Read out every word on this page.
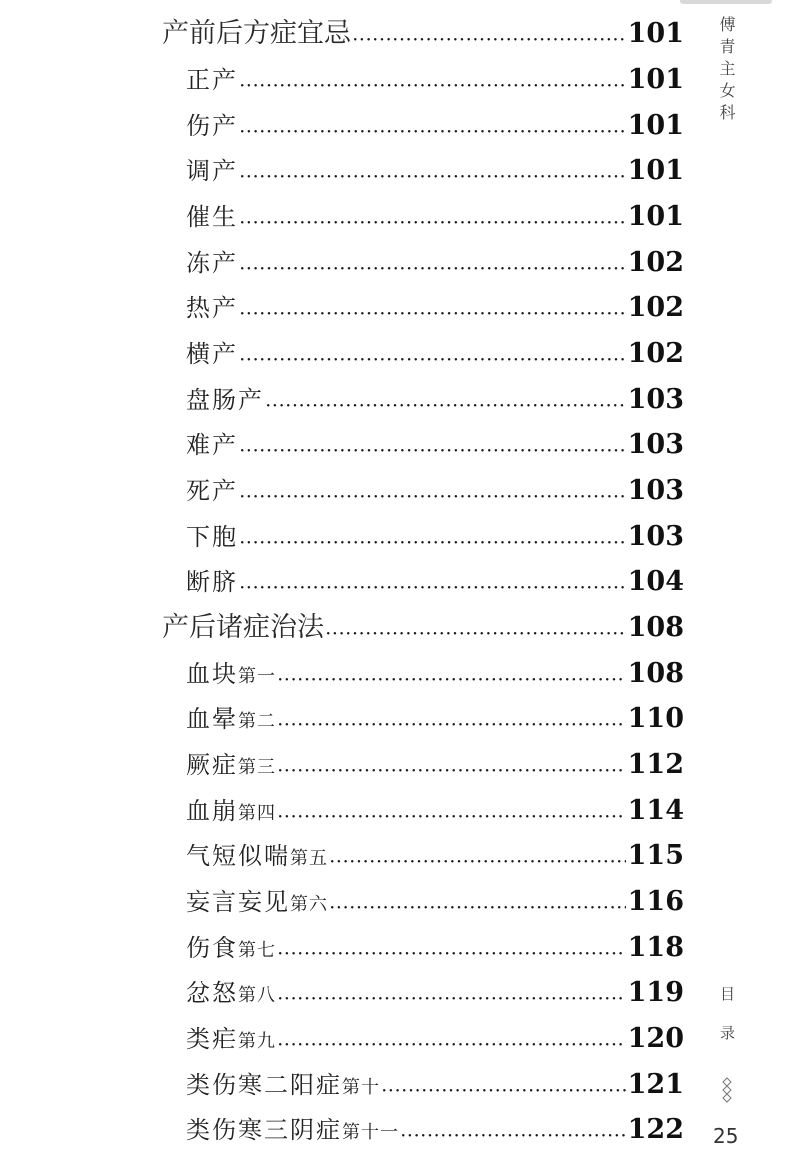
产前后方症宜忌 •••••	101
正产 •••••	101
伤产 •••••	101
调产 •••••	101
催生 •••••	101
冻产 •••••	102
热产 •••••	102
横产 •••••	102
盘肠产 •••••	103
难产 •••••	103
死产 •••••	103
下胞 •••••	103
断脐 •••••	104
产后诸症治法 •••••	108
血块 第一 •••••	108
血晕 第二 •••••	110
厥症 第三 •••••	112
血崩 第四 •••••	114
气短似喘 第五 •••••	115
妄言妄见 第六 •••••	116
伤食 第七 •••••	118
忿怒 第八 •••••	119
类疟 第九 •••••	120
类伤寒二阳症 第十 •••••	121
类伤寒三阴症 第十一 •••••	122
傅青主女科
目录
25
